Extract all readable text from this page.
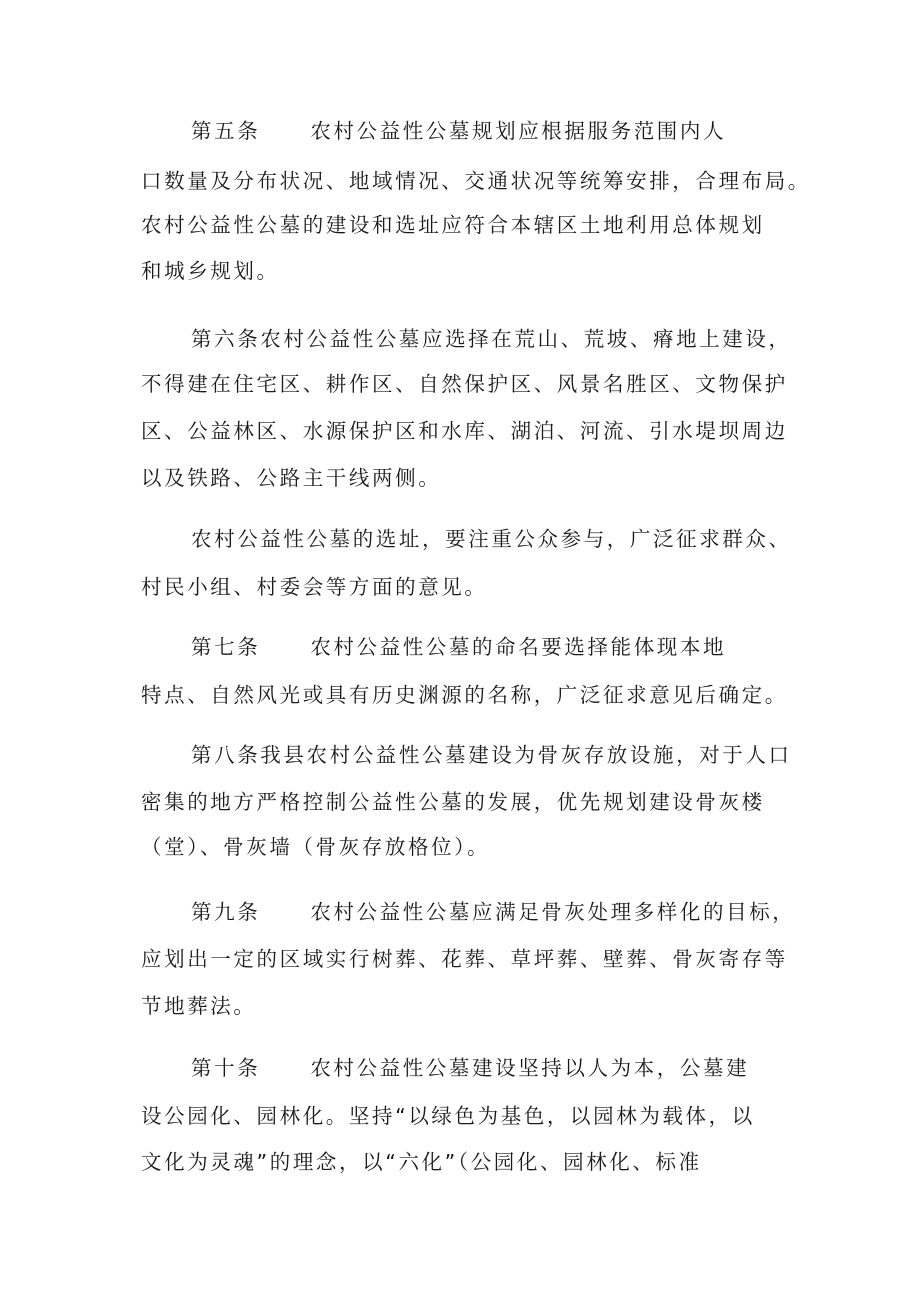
第五条 农村公益性公墓规划应根据服务范围内人
口数量及分布状况、地域情况、交通状况等统筹安排，合理布局。
农村公益性公墓的建设和选址应符合本辖区土地利用总体规划
和城乡规划。
第六条农村公益性公墓应选择在荒山、荒坡、瘠地上建设，
不得建在住宅区、耕作区、自然保护区、风景名胜区、文物保护
区、公益林区、水源保护区和水库、湖泊、河流、引水堤坝周边
以及铁路、公路主干线两侧。
农村公益性公墓的选址，要注重公众参与，广泛征求群众、
村民小组、村委会等方面的意见。
第七条 农村公益性公墓的命名要选择能体现本地
特点、自然风光或具有历史渊源的名称，广泛征求意见后确定。
第八条我县农村公益性公墓建设为骨灰存放设施，对于人口
密集的地方严格控制公益性公墓的发展，优先规划建设骨灰楼
（堂）、骨灰墙（骨灰存放格位）。
第九条 农村公益性公墓应满足骨灰处理多样化的目标，
应划出一定的区域实行树葬、花葬、草坪葬、壁葬、骨灰寄存等
节地葬法。
第十条 农村公益性公墓建设坚持以人为本，公墓建
设公园化、园林化。坚持“以绿色为基色，以园林为载体，以
文化为灵魂”的理念，以“六化”（公园化、园林化、标准
